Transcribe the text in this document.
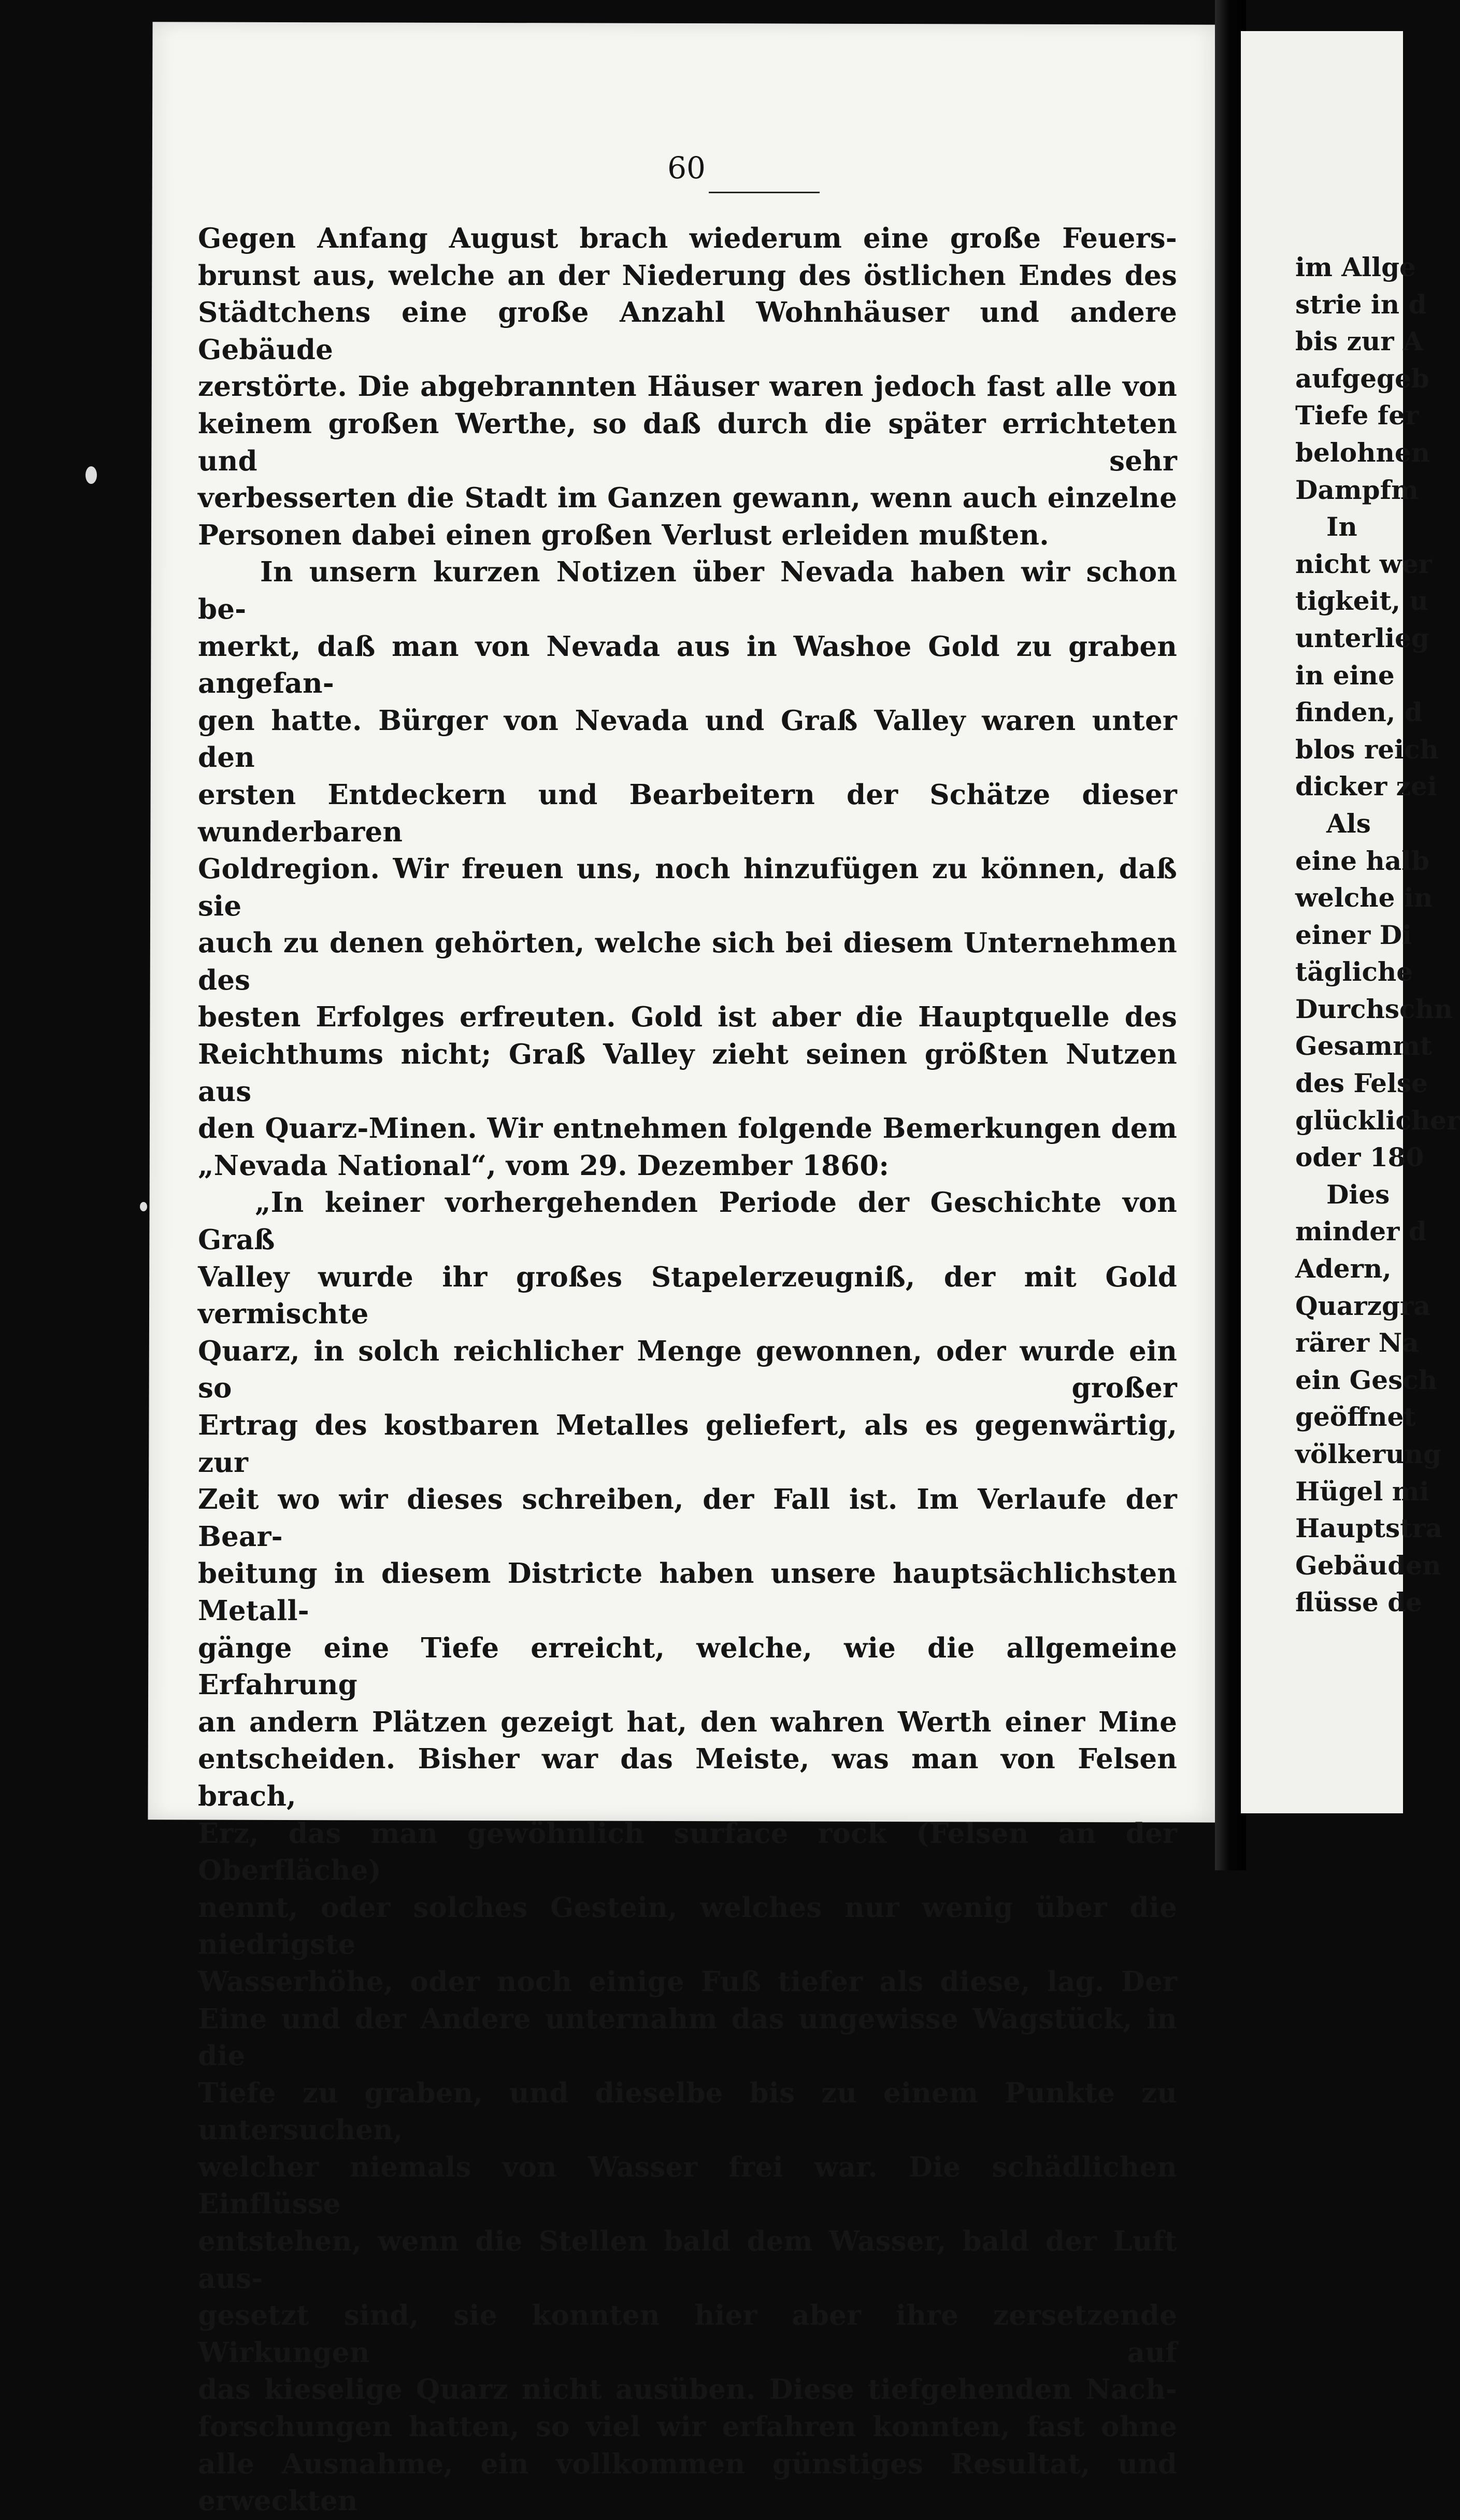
60

Gegen Anfang August brach wiederum eine große Feuers-

brunst aus, welche an der Niederung des östlichen Endes des

Städtchens eine große Anzahl Wohnhäuser und andere Gebäude

zerstörte. Die abgebrannten Häuser waren jedoch fast alle von

keinem großen Werthe, so daß durch die später errichteten und sehr

verbesserten die Stadt im Ganzen gewann, wenn auch einzelne

Personen dabei einen großen Verlust erleiden mußten.

In unsern kurzen Notizen über Nevada haben wir schon be-

merkt, daß man von Nevada aus in Washoe Gold zu graben angefan-

gen hatte. Bürger von Nevada und Graß Valley waren unter den

ersten Entdeckern und Bearbeitern der Schätze dieser wunderbaren

Goldregion. Wir freuen uns, noch hinzufügen zu können, daß sie

auch zu denen gehörten, welche sich bei diesem Unternehmen des

besten Erfolges erfreuten. Gold ist aber die Hauptquelle des

Reichthums nicht; Graß Valley zieht seinen größten Nutzen aus

den Quarz-Minen. Wir entnehmen folgende Bemerkungen dem

„Nevada National“, vom 29. Dezember 1860:

„In keiner vorhergehenden Periode der Geschichte von Graß

Valley wurde ihr großes Stapelerzeugniß, der mit Gold vermischte

Quarz, in solch reichlicher Menge gewonnen, oder wurde ein so großer

Ertrag des kostbaren Metalles geliefert, als es gegenwärtig, zur

Zeit wo wir dieses schreiben, der Fall ist. Im Verlaufe der Bear-

beitung in diesem Districte haben unsere hauptsächlichsten Metall-

gänge eine Tiefe erreicht, welche, wie die allgemeine Erfahrung

an andern Plätzen gezeigt hat, den wahren Werth einer Mine

entscheiden. Bisher war das Meiste, was man von Felsen brach,

Erz, das man gewöhnlich surface rock (Felsen an der Oberfläche)

nennt, oder solches Gestein, welches nur wenig über die niedrigste

Wasserhöhe, oder noch einige Fuß tiefer als diese, lag. Der

Eine und der Andere unternahm das ungewisse Wagstück, in die

Tiefe zu graben, und dieselbe bis zu einem Punkte zu untersuchen,

welcher niemals von Wasser frei war. Die schädlichen Einflüsse

entstehen, wenn die Stellen bald dem Wasser, bald der Luft aus-

gesetzt sind, sie konnten hier aber ihre zersetzende Wirkungen auf

das kieselige Quarz nicht ausüben. Diese tiefgehenden Nach-

forschungen hatten, so viel wir erfahren konnten, fast ohne

alle Ausnahme, ein vollkommen günstiges Resultat, und erweckten

im Allge
strie in d
bis zur A
aufgegeb
Tiefe fer
belohnen
Dampfm
In
nicht wer
tigkeit, u
unterlieg
in eine
finden, d
blos reich
dicker zei
Als
eine halb
welche in
einer Di
tägliche
Durchschn
Gesammt
des Felse
glücklicher
oder 180
Dies
minder d
Adern,
Quarzgra
rärer Na
ein Gesch
geöffnet
völkerung
Hügel mi
Hauptstra
Gebäuden
flüsse de
